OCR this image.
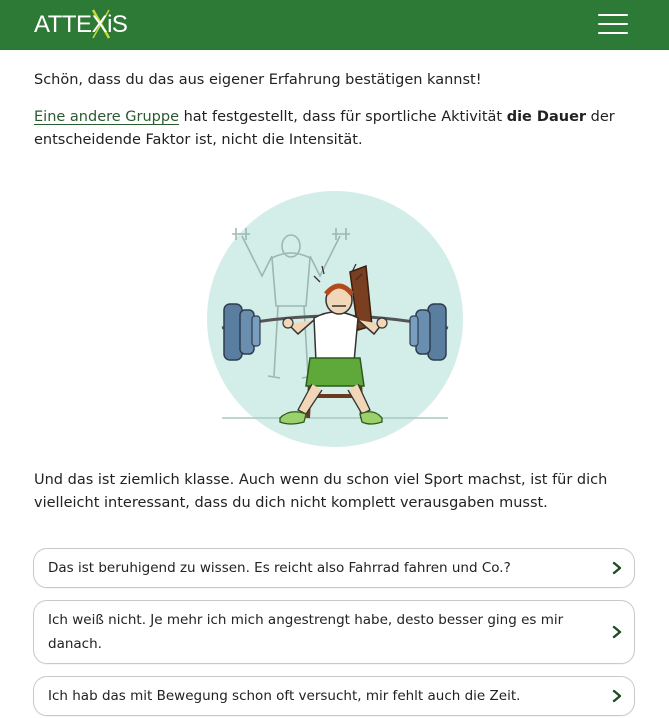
ATTE X iS
Schön, dass du das aus eigener Erfahrung bestätigen kannst!
Eine andere Gruppe hat festgestellt, dass für sportliche Aktivität die Dauer der entscheidende Faktor ist, nicht die Intensität.
Und das ist ziemlich klasse. Auch wenn du schon viel Sport machst, ist für dich vielleicht interessant, dass du dich nicht komplett verausgaben musst.
Das ist beruhigend zu wissen. Es reicht also Fahrrad fahren und Co.?
Ich weiß nicht. Je mehr ich mich angestrengt habe, desto besser ging es mir danach.
Ich hab das mit Bewegung schon oft versucht, mir fehlt auch die Zeit.
